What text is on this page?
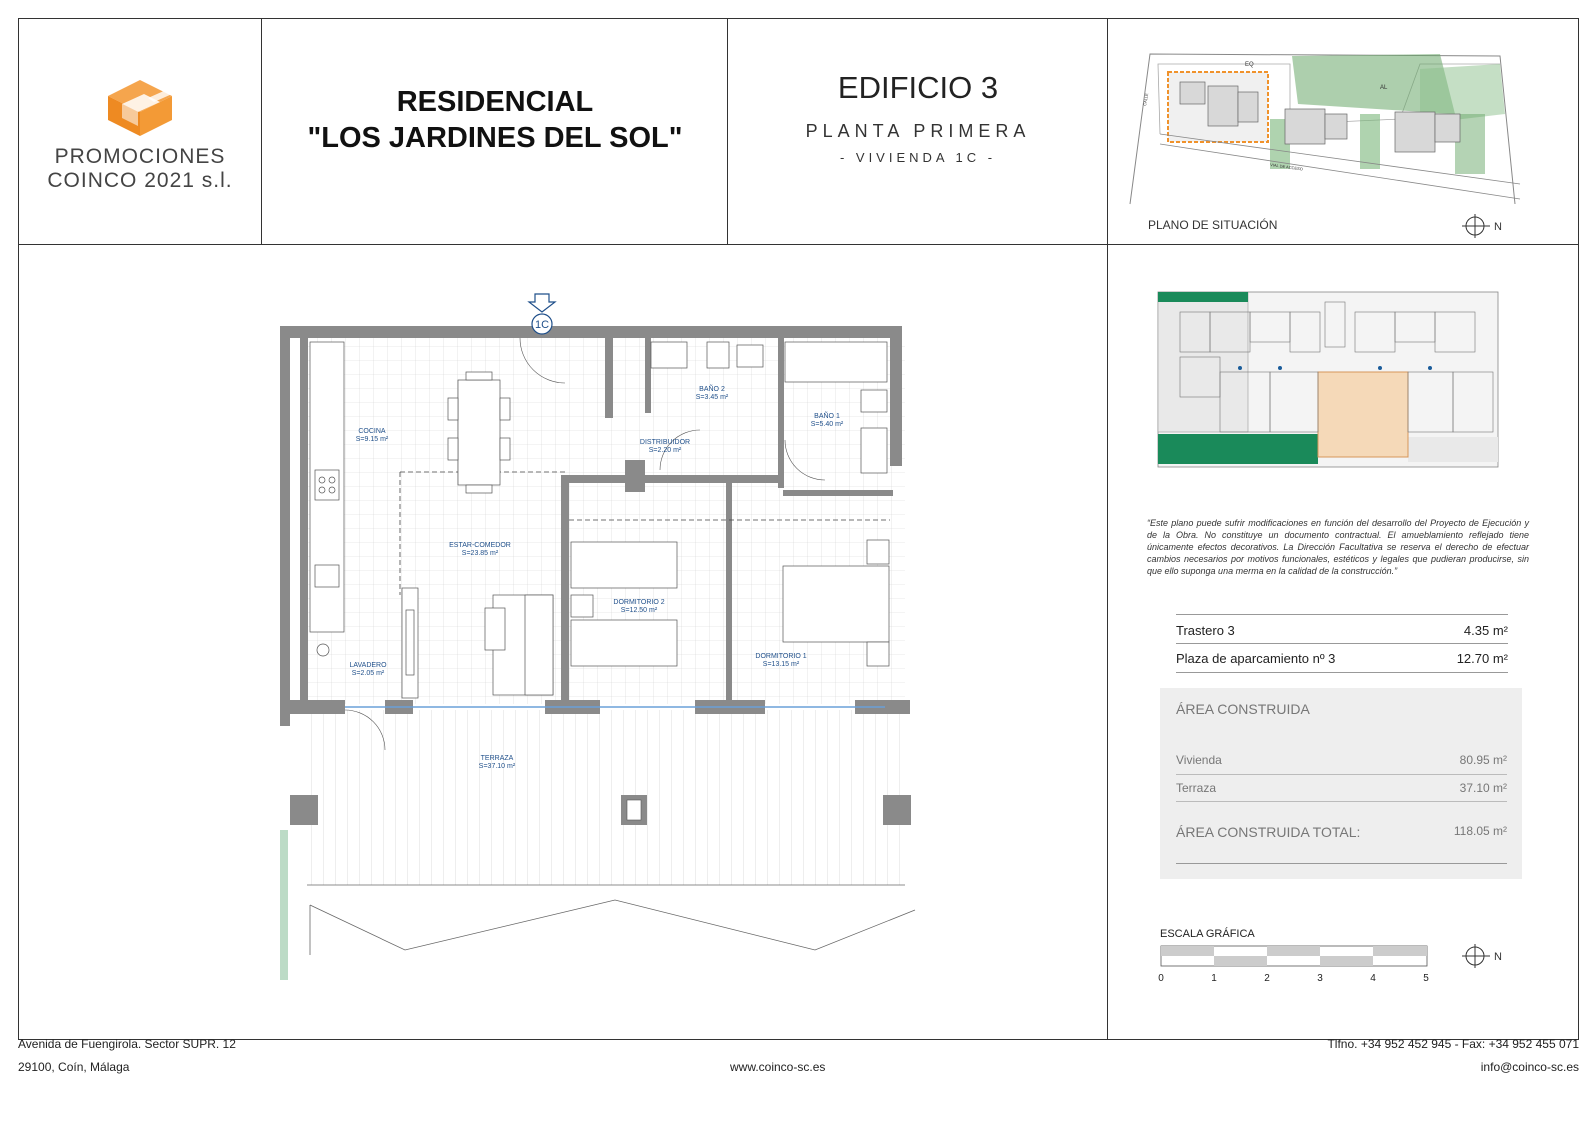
PROMOCIONES
COINCO 2021 s.l.
RESIDENCIAL
"LOS JARDINES DEL SOL"
EDIFICIO 3
PLANTA PRIMERA
- VIVIENDA 1C -
EQ
AL
VIAL DE ACCESO
CALLE
PLANO DE SITUACIÓN	N
“Este plano puede sufrir modificaciones en función del desarrollo del Proyecto de Ejecución y de la Obra. No constituye un documento contractual. El amueblamiento reflejado tiene únicamente efectos decorativos. La Dirección Facultativa se reserva el derecho de efectuar cambios necesarios por motivos funcionales, estéticos y legales que pudieran producirse, sin que ello suponga una merma en la calidad de la construcción.”
Trastero 3	4.35 m²
Plaza de aparcamiento nº 3	12.70 m²
ÁREA CONSTRUIDA
Vivienda	80.95 m²
Terraza	37.10 m²
ÁREA CONSTRUIDA TOTAL:	118.05 m²
ESCALA GRÁFICA
0	1	2	3	4	5
N
1C
COCINA
S=9.15 m²
BAÑO 2
S=3.45 m²
BAÑO 1
S=5.40 m²
DISTRIBUIDOR
S=2.20 m²
ESTAR-COMEDOR
S=23.85 m²
DORMITORIO 2
S=12.50 m²
DORMITORIO 1
S=13.15 m²
LAVADERO
S=2.05 m²
TERRAZA
S=37.10 m²
Avenida de Fuengirola. Sector SUPR. 12
29100, Coín, Málaga	www.coinco-sc.es
Tlfno. +34 952 452 945 - Fax: +34 952 455 071
info@coinco-sc.es
